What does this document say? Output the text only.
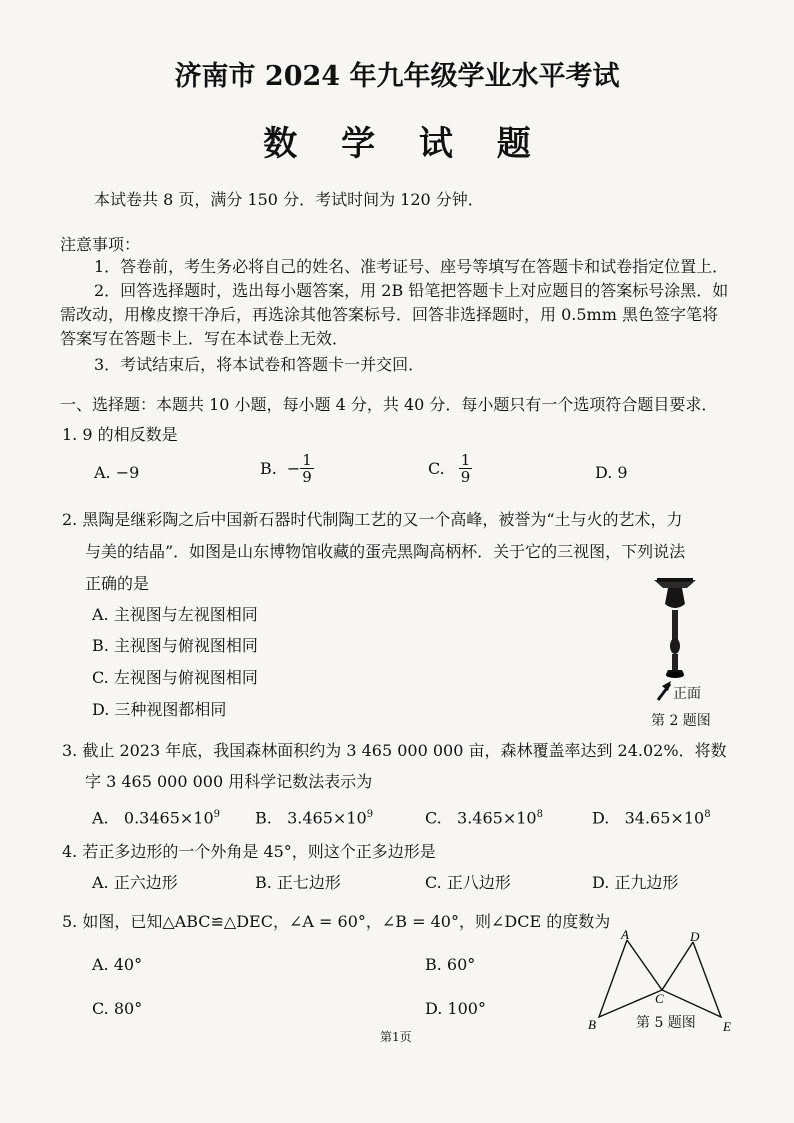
济南市 2024 年九年级学业水平考试
数 学 试 题
本试卷共 8 页，满分 150 分．考试时间为 120 分钟．
注意事项：
1．答卷前，考生务必将自己的姓名、准考证号、座号等填写在答题卡和试卷指定位置上．
2．回答选择题时，选出每小题答案，用 2B 铅笔把答题卡上对应题目的答案标号涂黑．如
需改动，用橡皮擦干净后，再选涂其他答案标号．回答非选择题时，用 0.5mm 黑色签字笔将
答案写在答题卡上．写在本试卷上无效．
3．考试结束后，将本试卷和答题卡一并交回．
一、选择题：本题共 10 小题，每小题 4 分，共 40 分．每小题只有一个选项符合题目要求．
1. 9 的相反数是
A. −9	B. − $\frac{1}{9}$	C. $\frac{1}{9}$	D. 9
2. 黑陶是继彩陶之后中国新石器时代制陶工艺的又一个高峰，被誉为“土与火的艺术，力
与美的结晶”．如图是山东博物馆收藏的蛋壳黑陶高柄杯．关于它的三视图，下列说法
正确的是
A. 主视图与左视图相同
B. 主视图与俯视图相同
C. 左视图与俯视图相同
D. 三种视图都相同
正面
第 2 题图
3. 截止 2023 年底，我国森林面积约为 3 465 000 000 亩，森林覆盖率达到 24.02%．将数
字 3 465 000 000 用科学记数法表示为
A. $0.3465\times 10^9$ B. $3.465\times 10^9$	C. $3.465\times 10^8$	D. $34.65\times 10^8$
4. 若正多边形的一个外角是 45°，则这个正多边形是
A. 正六边形	B. 正七边形	C. 正八边形	D. 正九边形
5. 如图，已知△ABC≌△DEC，∠A = 60°，∠B = 40°，则∠DCE 的度数为
A. 40°	B. 60°
C. 80°	D. 100°
A	D
C
B	E
第 5 题图
第1页
